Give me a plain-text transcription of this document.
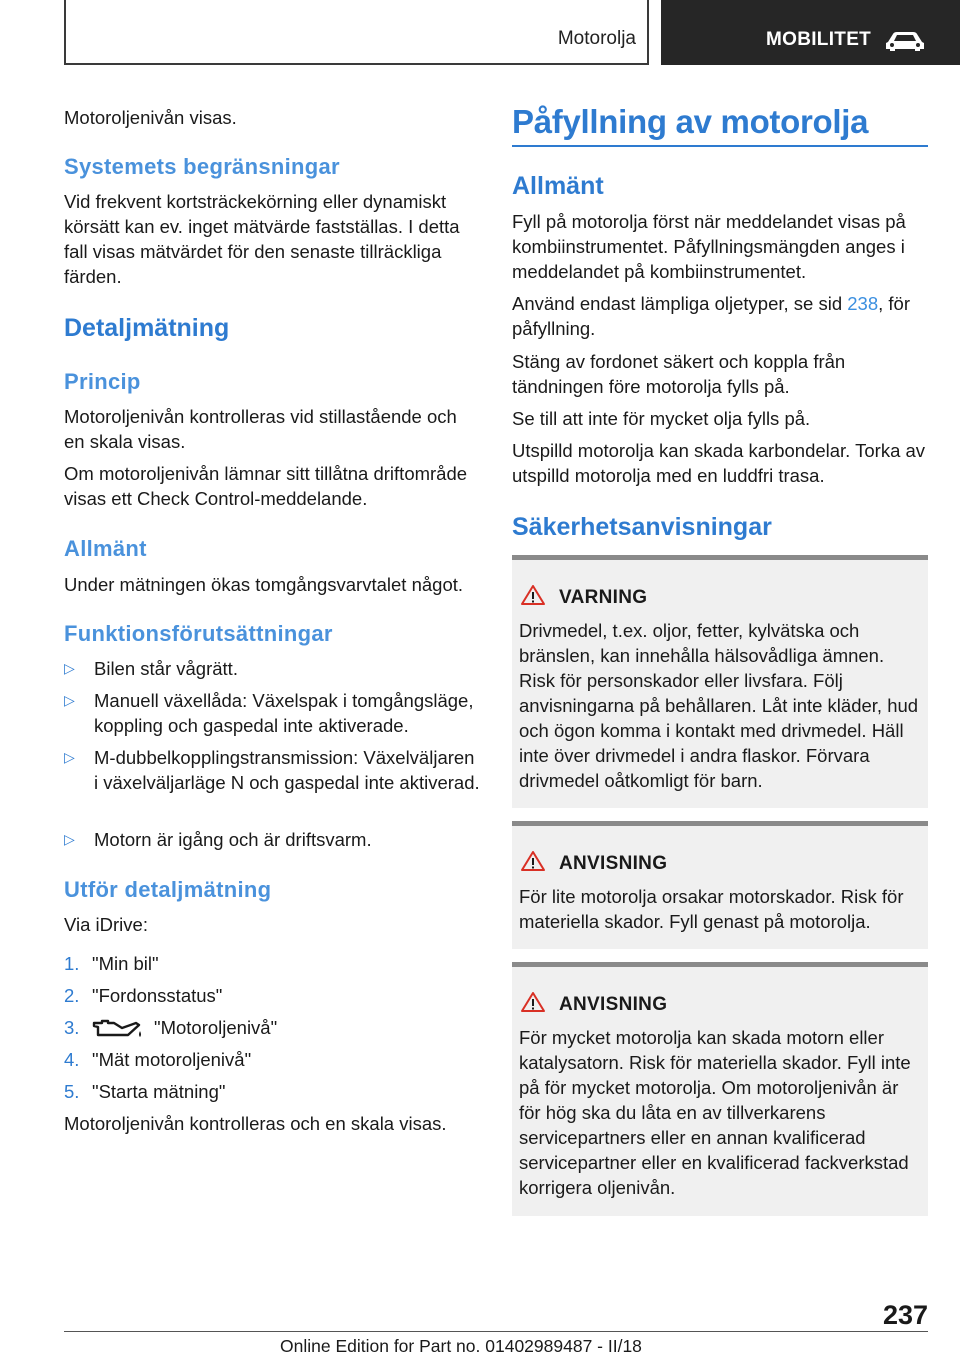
Motorolja	MOBILITET
Motoroljenivån visas.
Systemets begränsningar
Vid frekvent kortsträckekörning eller dynamiskt körsätt kan ev. inget mätvärde fastställas. I detta fall visas mätvärdet för den senaste tillräckliga färden.
Detaljmätning
Princip
Motoroljenivån kontrolleras vid stillastående och en skala visas.
Om motoroljenivån lämnar sitt tillåtna driftområde visas ett Check Control-meddelande.
Allmänt
Under mätningen ökas tomgångsvarvtalet något.
Funktionsförutsättningar
▷ Bilen står vågrätt.
▷ Manuell växellåda: Växelspak i tomgångsläge, koppling och gaspedal inte aktiverade.
▷ M-dubbelkopplingstransmission: Växelväljaren i växelväljarläge N och gaspedal inte aktiverad.
▷ Motorn är igång och är driftsvarm.
Utför detaljmätning
Via iDrive:
1. "Min bil"
2. "Fordonsstatus"
3.	"Motoroljenivå"
4. "Mät motoroljenivå"
5. "Starta mätning"
Motoroljenivån kontrolleras och en skala visas.
Påfyllning av motorolja
Allmänt
Fyll på motorolja först när meddelandet visas på kombiinstrumentet. Påfyllningsmängden anges i meddelandet på kombiinstrumentet.
Använd endast lämpliga oljetyper, se sid 238, för påfyllning.
Stäng av fordonet säkert och koppla från tändningen före motorolja fylls på.
Se till att inte för mycket olja fylls på.
Utspilld motorolja kan skada karbondelar. Torka av utspilld motorolja med en luddfri trasa.
Säkerhetsanvisningar
VARNING
Drivmedel, t.ex. oljor, fetter, kylvätska och bränslen, kan innehålla hälsovådliga ämnen. Risk för personskador eller livsfara. Följ anvisningarna på behållaren. Låt inte kläder, hud och ögon komma i kontakt med drivmedel. Häll inte över drivmedel i andra flaskor. Förvara drivmedel oåtkomligt för barn.
ANVISNING
För lite motorolja orsakar motorskador. Risk för materiella skador. Fyll genast på motorolja.
ANVISNING
För mycket motorolja kan skada motorn eller katalysatorn. Risk för materiella skador. Fyll inte på för mycket motorolja. Om motoroljenivån är för hög ska du låta en av tillverkarens servicepartners eller en annan kvalificerad servicepartner eller en kvalificerad fackverkstad korrigera oljenivån.
237
Online Edition for Part no. 01402989487 - II/18
